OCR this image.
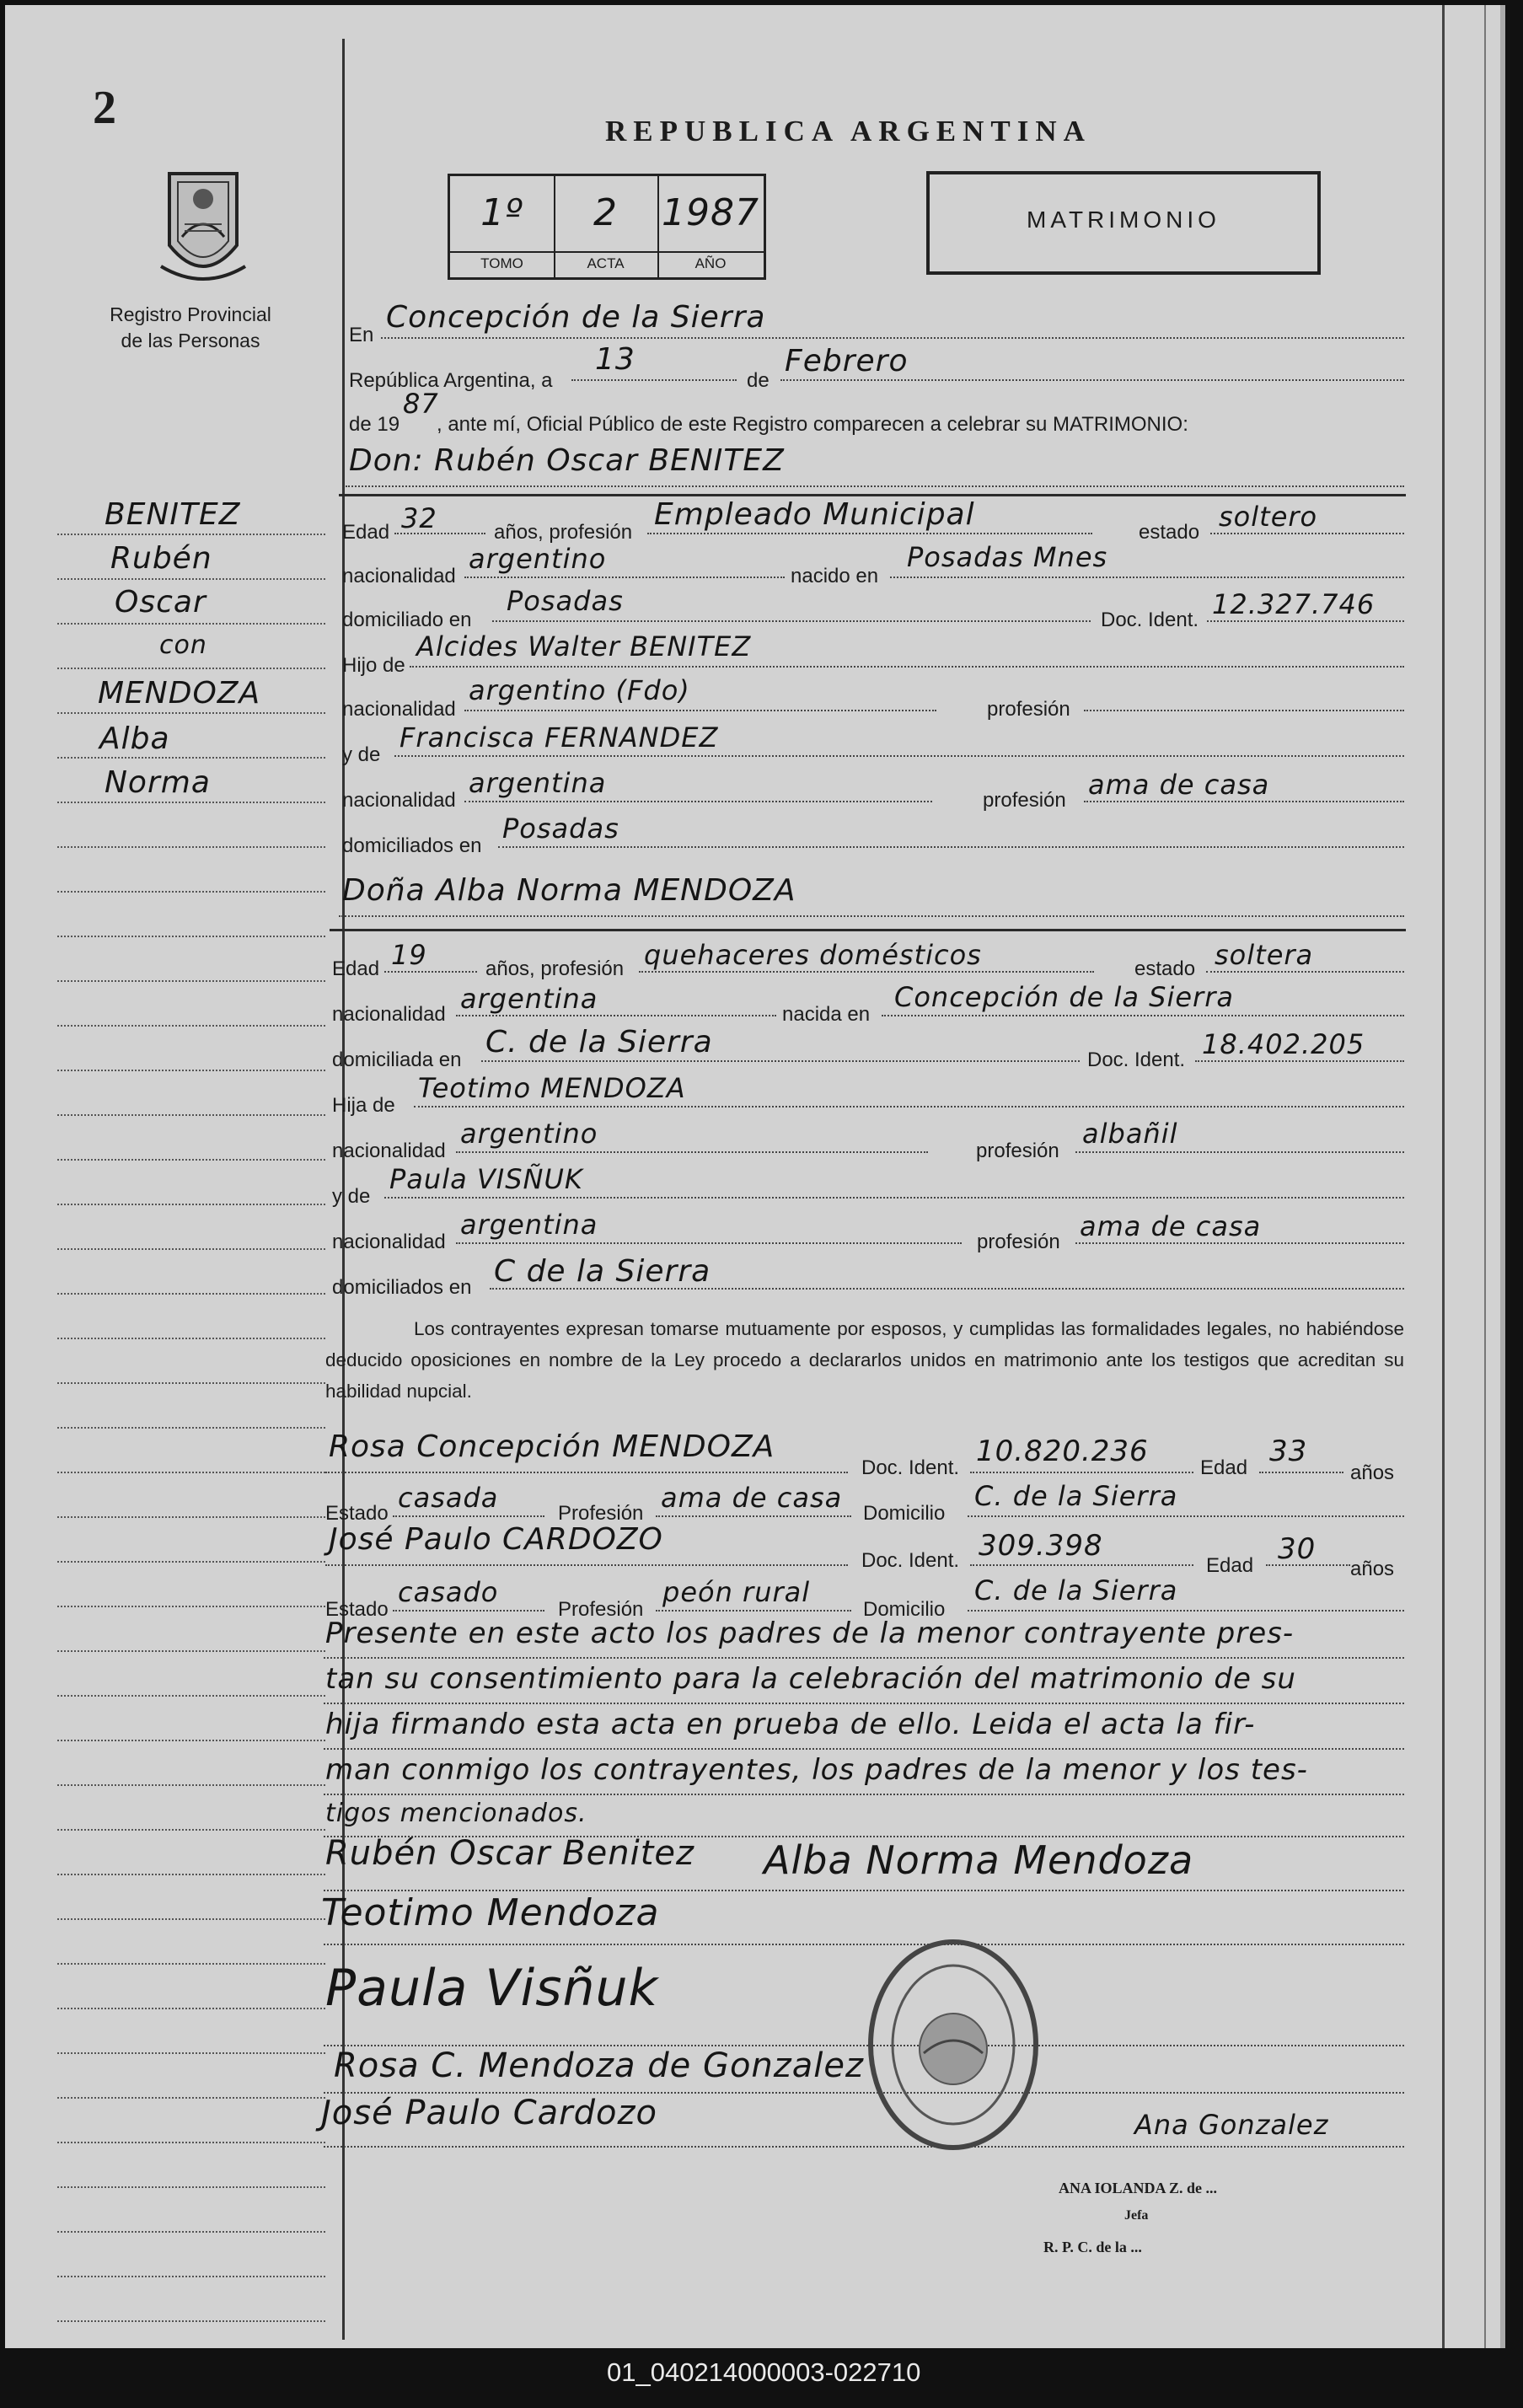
2
Registro Provincial
de las Personas
BENITEZ
Rubén
Oscar
con
MENDOZA
Alba
Norma
REPUBLICA ARGENTINA
1º
TOMO
2
ACTA
1987
AÑO
MATRIMONIO
En
Concepción de la Sierra
República Argentina, a
13
de
Febrero
de 19
87
, ante mí, Oficial Público de este Registro comparecen a celebrar su MATRIMONIO:
Don: Rubén Oscar BENITEZ
Edad 32	años, profesión
Empleado Municipal
estado soltero
nacionalidad
argentino
nacido en
Posadas Mnes
domiciliado en
Posadas
Doc. Ident. 12.327.746
Hijo de
Alcides Walter BENITEZ
nacionalidad
argentino (Fdo)
profesión
y de
Francisca FERNANDEZ
nacionalidad
argentina
profesión ama de casa
domiciliados en
Posadas
Doña Alba Norma MENDOZA
Edad 19	años, profesión quehaceres domésticos	estado soltera
nacionalidad argentina	nacida en
Concepción de la Sierra
domiciliada en
C. de la Sierra
Doc. Ident. 18.402.205
Hija de
Teotimo MENDOZA
nacionalidad
argentino
profesión
albañil
y de
Paula VISÑUK
nacionalidad
argentina
profesión ama de casa
domiciliados en C de la Sierra
Los contrayentes expresan tomarse mutuamente por esposos, y cumplidas las formalidades legales, no habiéndose deducido oposiciones en nombre de la Ley procedo a declararlos unidos en matrimonio ante los testigos que acreditan su habilidad nupcial.
Rosa Concepción MENDOZA
Doc. Ident. 10.820.236	Edad 33
años
Estado casada	Profesión ama de casa Domicilio
C. de la Sierra
José Paulo CARDOZO
Doc. Ident. 309.398
Edad 30
años
Estado
casado
Profesión
peón rural
Domicilio
C. de la Sierra
Presente en este acto los padres de la menor contrayente pres-
tan su consentimiento para la celebración del matrimonio de su
hija firmando esta acta en prueba de ello. Leida el acta la fir-
man conmigo los contrayentes, los padres de la menor y los tes-
tigos mencionados.
Rubén Oscar Benitez Alba Norma Mendoza
Teotimo Mendoza
Paula Visñuk
Rosa C. Mendoza de Gonzalez
José Paulo Cardozo	Ana Gonzalez
ANA IOLANDA Z. de ...
Jefa
R. P. C. de la ...
01_040214000003-022710
